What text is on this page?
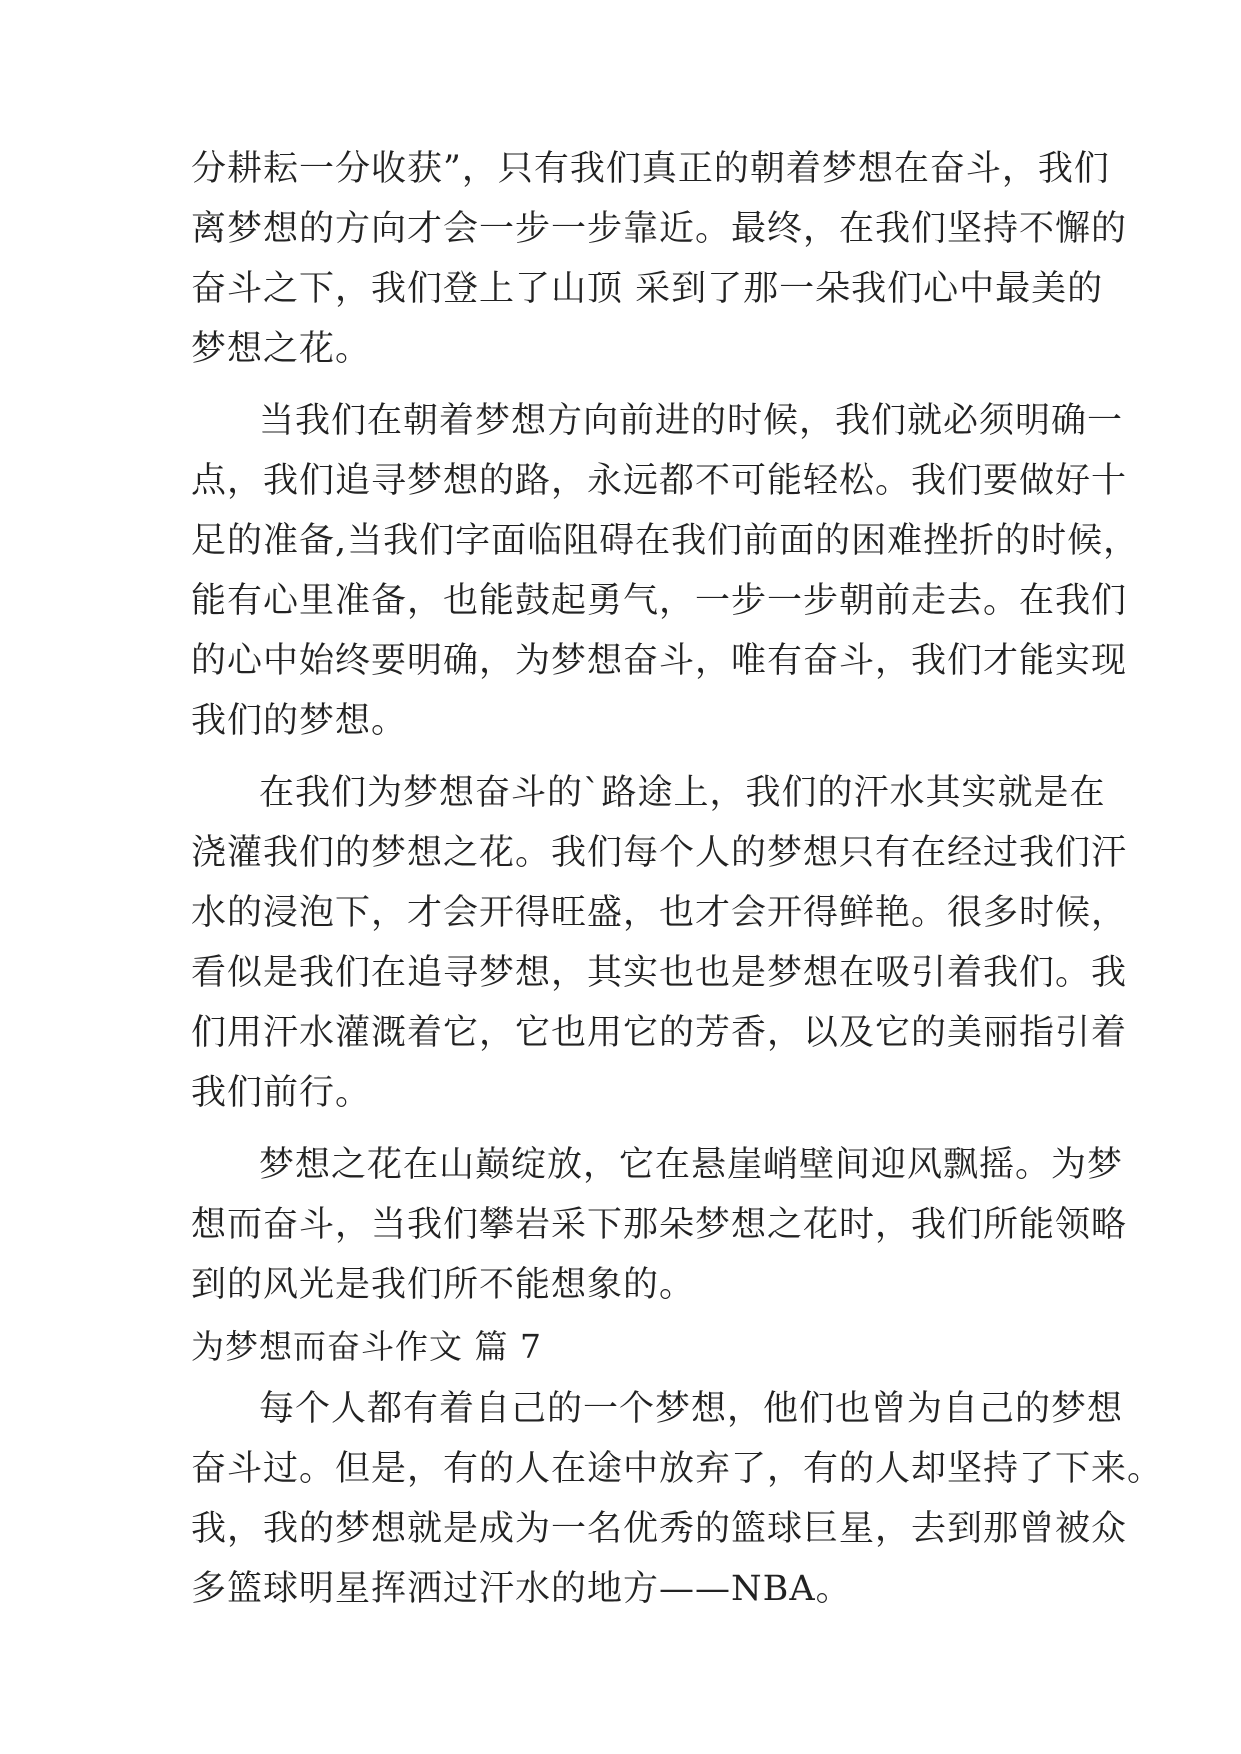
分耕耘一分收获”，只有我们真正的朝着梦想在奋斗，我们
离梦想的方向才会一步一步靠近。最终，在我们坚持不懈的
奋斗之下，我们登上了山顶 采到了那一朵我们心中最美的
梦想之花。
当我们在朝着梦想方向前进的时候，我们就必须明确一
点，我们追寻梦想的路，永远都不可能轻松。我们要做好十
足的准备,当我们字面临阻碍在我们前面的困难挫折的时候，
能有心里准备，也能鼓起勇气，一步一步朝前走去。在我们
的心中始终要明确，为梦想奋斗，唯有奋斗，我们才能实现
我们的梦想。
在我们为梦想奋斗的`路途上，我们的汗水其实就是在
浇灌我们的梦想之花。我们每个人的梦想只有在经过我们汗
水的浸泡下，才会开得旺盛，也才会开得鲜艳。很多时候，
看似是我们在追寻梦想，其实也也是梦想在吸引着我们。我
们用汗水灌溉着它，它也用它的芳香，以及它的美丽指引着
我们前行。
梦想之花在山巅绽放，它在悬崖峭壁间迎风飘摇。为梦
想而奋斗，当我们攀岩采下那朵梦想之花时，我们所能领略
到的风光是我们所不能想象的。
为梦想而奋斗作文 篇 7
每个人都有着自己的一个梦想，他们也曾为自己的梦想
奋斗过。但是，有的人在途中放弃了，有的人却坚持了下来。
我，我的梦想就是成为一名优秀的篮球巨星，去到那曾被众
多篮球明星挥洒过汗水的地方——NBA。
